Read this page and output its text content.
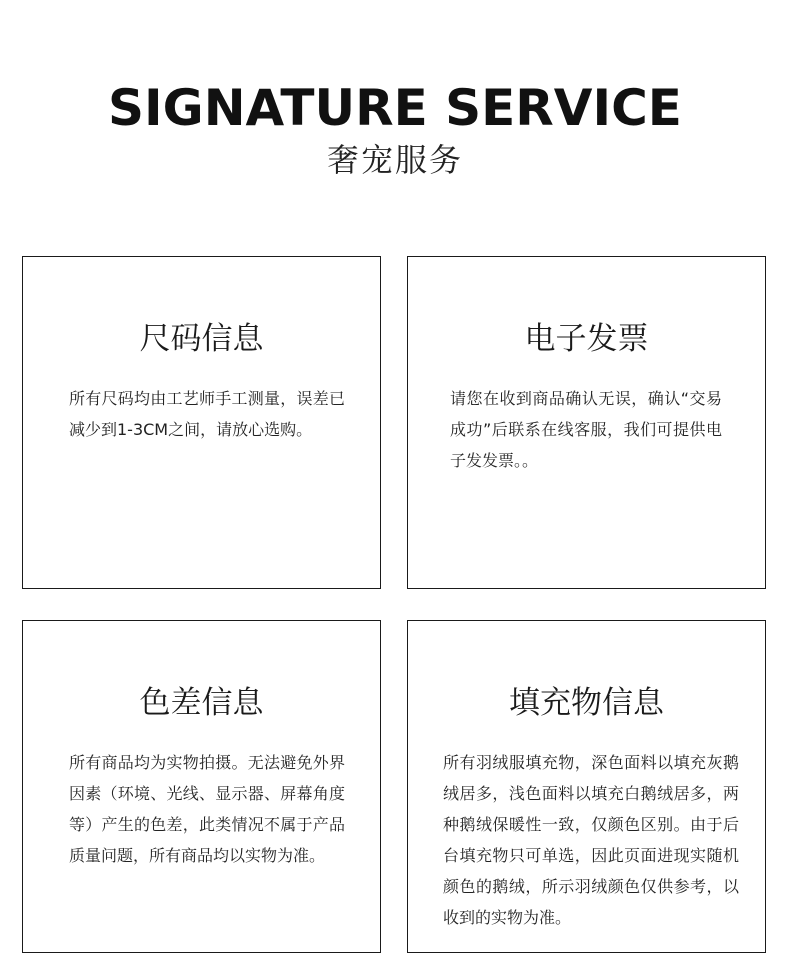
SIGNATURE SERVICE
奢宠服务
尺码信息

所有尺码均由工艺师手工测量，误差已减少到1-3CM之间，请放心选购。

电子发票

请您在收到商品确认无误，确认“交易成功”后联系在线客服，我们可提供电子发发票。。

色差信息

所有商品均为实物拍摄。无法避免外界因素（环境、光线、显示器、屏幕角度等）产生的色差，此类情况不属于产品质量问题，所有商品均以实物为准。

填充物信息

所有羽绒服填充物，深色面料以填充灰鹅绒居多，浅色面料以填充白鹅绒居多，两种鹅绒保暖性一致，仅颜色区别。由于后台填充物只可单选，因此页面进现实随机颜色的鹅绒，所示羽绒颜色仅供参考，以收到的实物为准。
